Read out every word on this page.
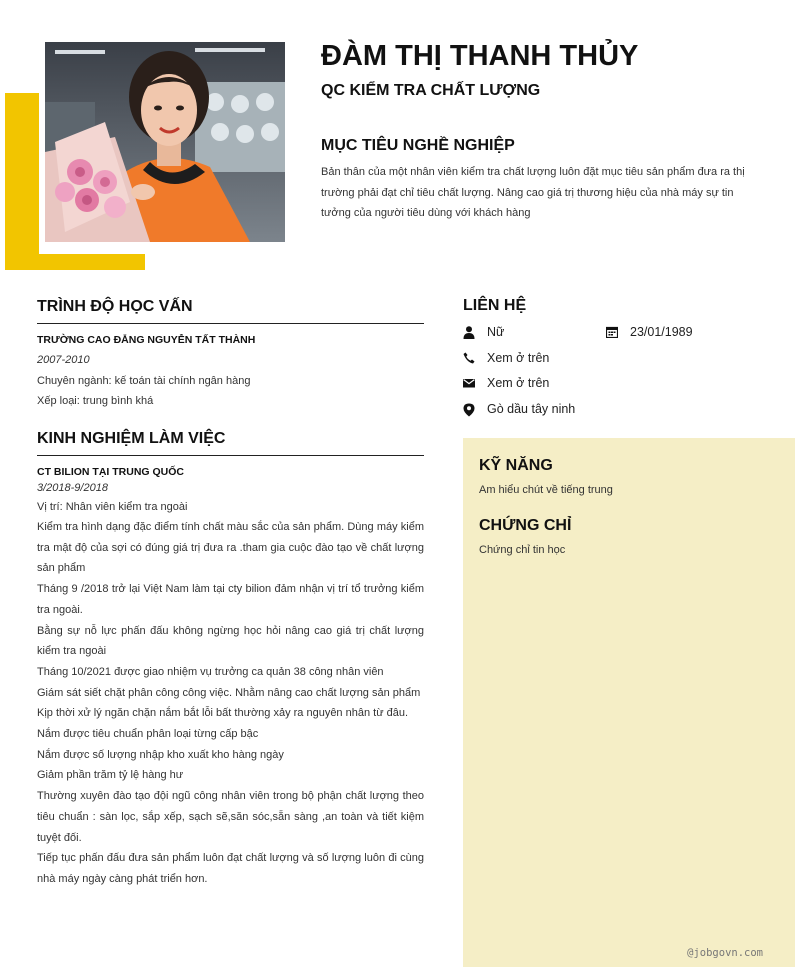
ĐÀM THỊ THANH THỦY
QC KIỂM TRA CHẤT LƯỢNG
MỤC TIÊU NGHỀ NGHIỆP

Bản thân của một nhân viên kiểm tra chất lượng luôn đặt mục tiêu sản phẩm đưa ra thị trường phải đạt chỉ tiêu chất lượng. Nâng cao giá trị thương hiệu của nhà máy sự tin tưởng của người tiêu dùng với khách hàng

TRÌNH ĐỘ HỌC VẤN

TRƯỜNG CAO ĐẲNG NGUYỄN TẤT THÀNH

2007-2010

Chuyên ngành: kế toán tài chính ngân hàng

Xếp loại: trung bình khá

KINH NGHIỆM LÀM VIỆC

CT BILION TẠI TRUNG QUỐC

3/2018-9/2018

Vị trí: Nhân viên kiểm tra ngoài

Kiểm tra hình dạng đặc điểm tính chất màu sắc của sản phẩm. Dùng máy kiểm tra mật độ của sợi có đúng giá trị đưa ra .tham gia cuộc đào tạo về chất lượng sản phẩm

Tháng 9 /2018 trở lại Việt Nam làm tại cty bilion đảm nhận vị trí tổ trưởng kiểm tra ngoài.

Bằng sự nỗ lực phấn đấu không ngừng học hỏi nâng cao giá trị chất lượng kiểm tra ngoài

Tháng 10/2021 được giao nhiệm vụ trưởng ca quản 38 công nhân viên

Giám sát siết chặt phân công công việc. Nhằm nâng cao chất lượng sản phẩm

Kịp thời xử lý ngăn chặn nắm bắt lỗi bất thường xảy ra nguyên nhân từ đâu.

Nắm được tiêu chuẩn phân loại từng cấp bậc

Nắm được số lượng nhập kho xuất kho hàng ngày

Giảm phần trăm tỷ lệ hàng hư

Thường xuyên đào tạo đội ngũ công nhân viên trong bộ phận chất lượng theo tiêu chuẩn : sàn lọc, sắp xếp, sạch sẽ,săn sóc,sẵn sàng ,an toàn và tiết kiệm tuyệt đối.

Tiếp tục phấn đấu đưa sản phẩm luôn đạt chất lượng và số lượng luôn đi cùng nhà máy ngày càng phát triển hơn.

LIÊN HỆ
Nữ	23/01/1989
Xem ở trên
Xem ở trên
Gò dầu tây ninh
KỸ NĂNG

Am hiểu chút về tiếng trung

CHỨNG CHỈ

Chứng chỉ tin học

@jobgovn.com
